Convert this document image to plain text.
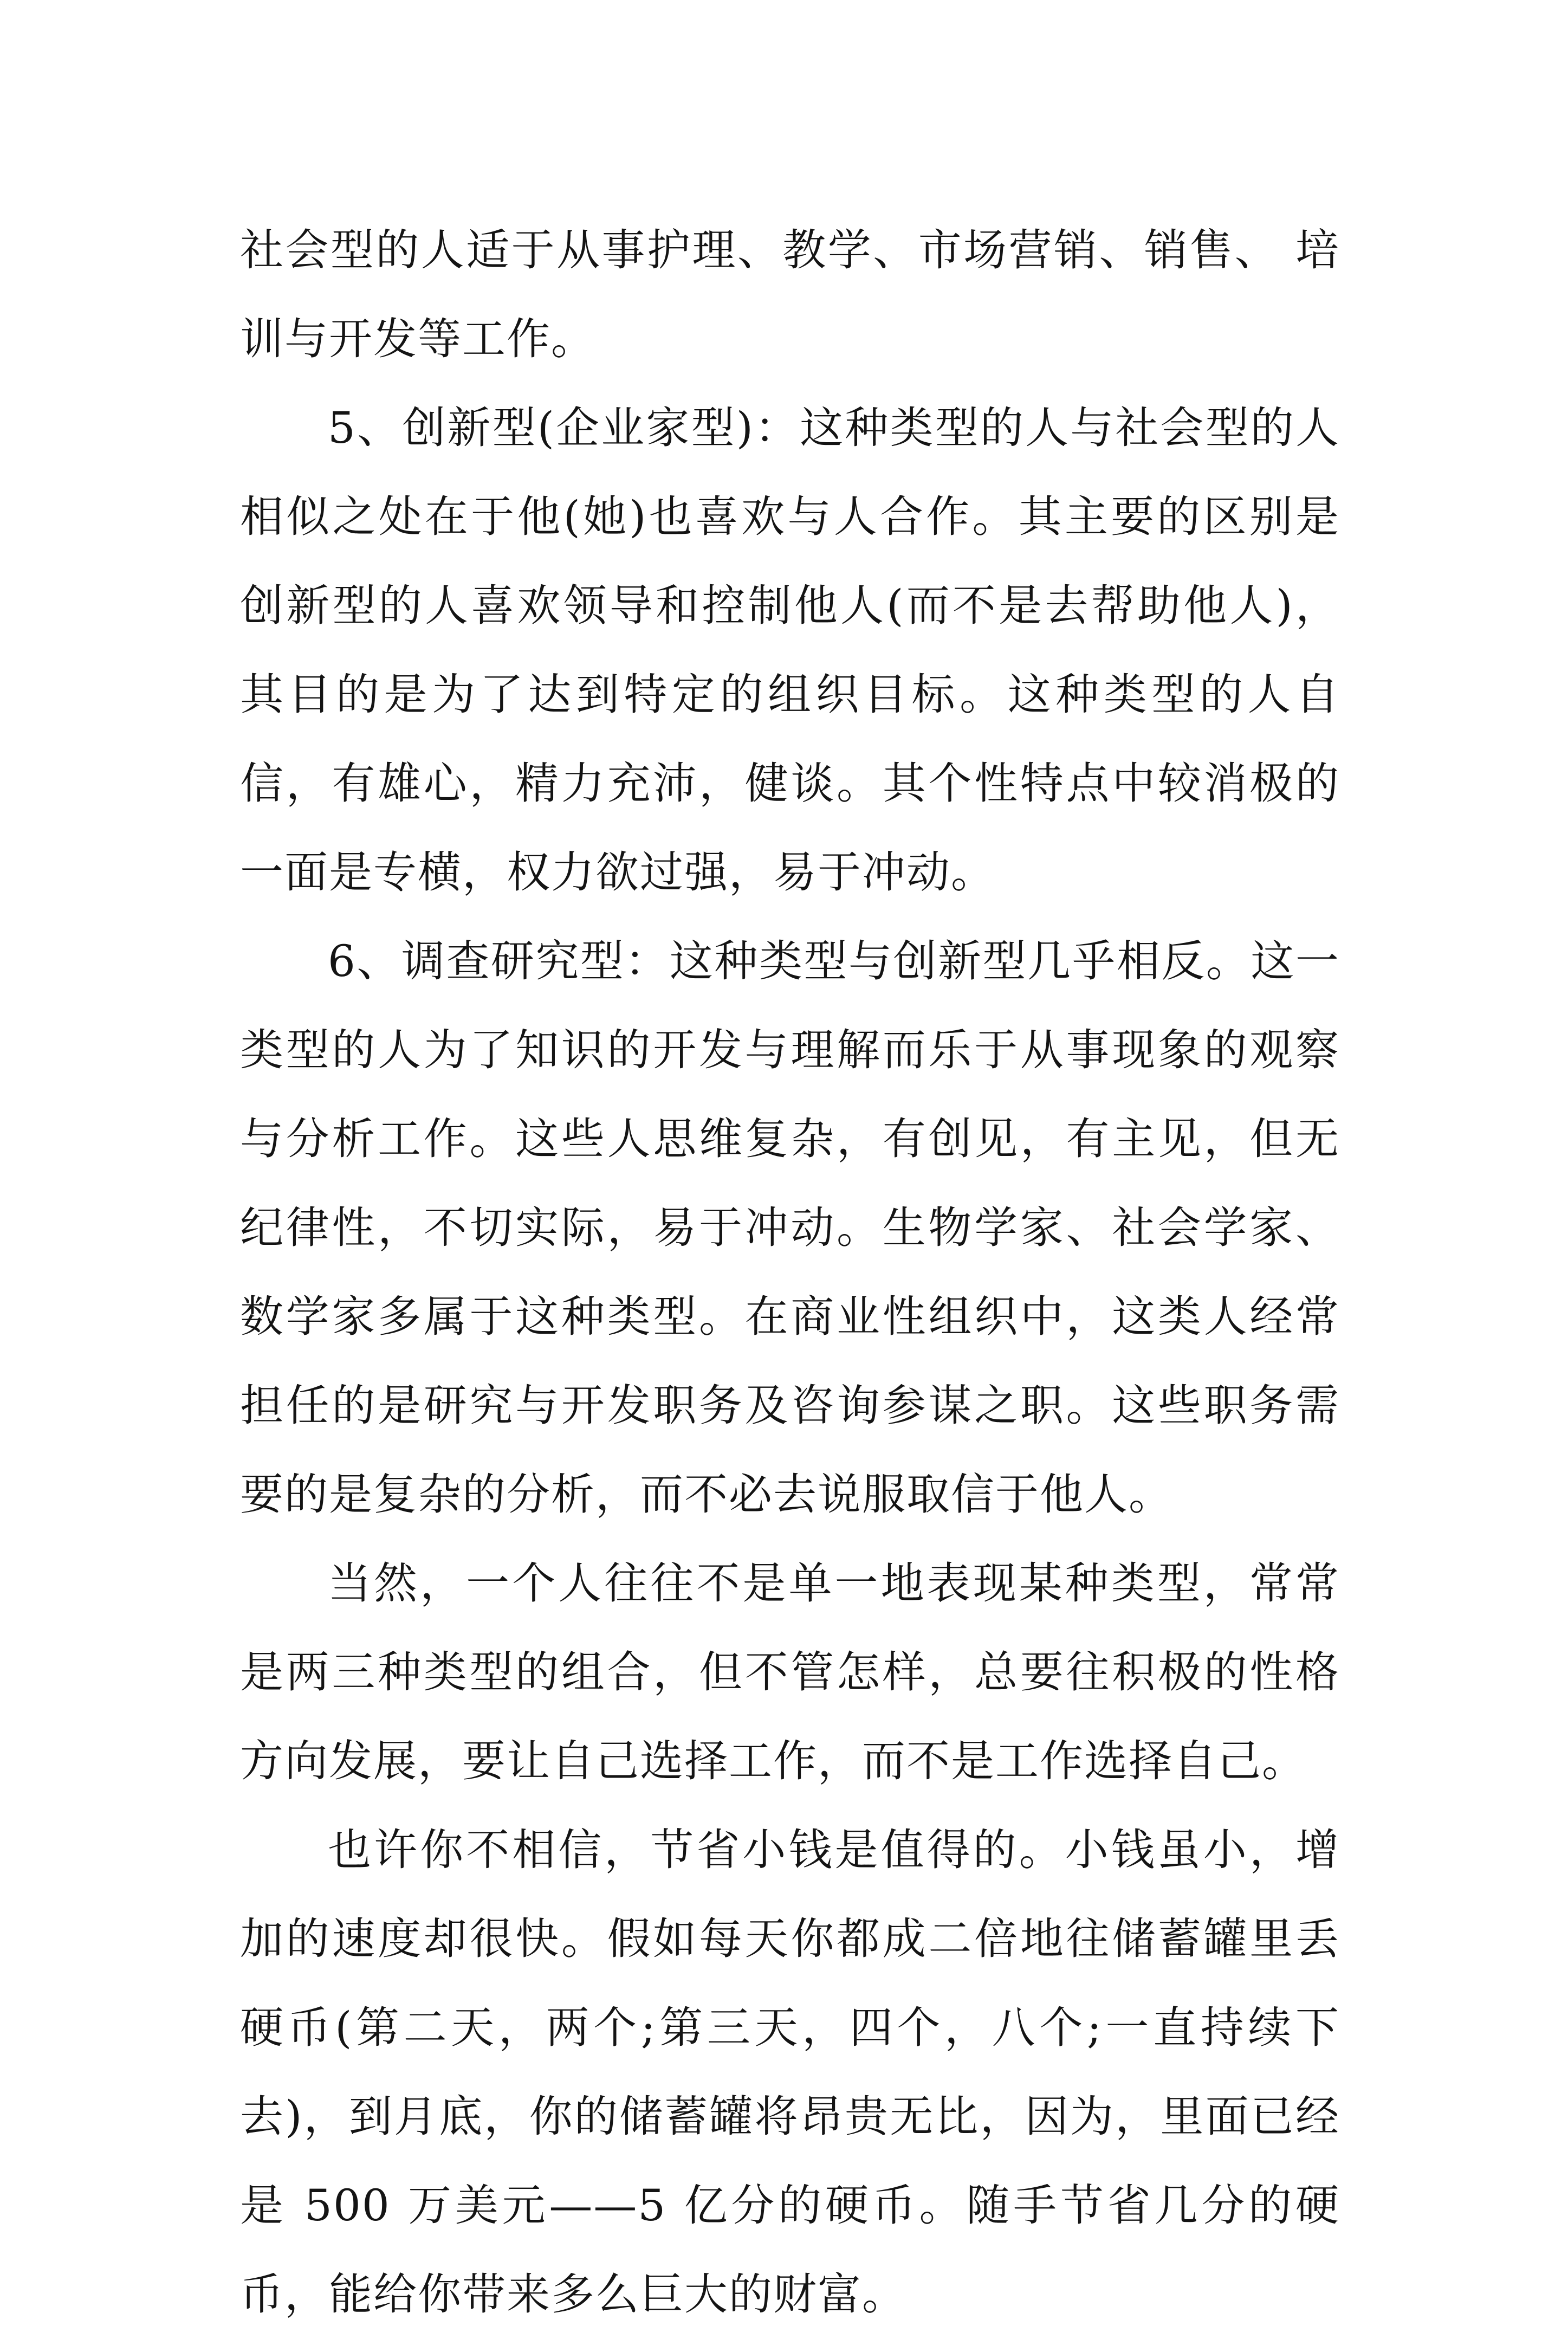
社会型的人适于从事护理、教学、市场营销、销售、 培训与开发等工作。

5、创新型(企业家型)：这种类型的人与社会型的人相似之处在于他(她)也喜欢与人合作。其主要的区别是创新型的人喜欢领导和控制他人(而不是去帮助他人)，其目的是为了达到特定的组织目标。这种类型的人自信，有雄心，精力充沛，健谈。其个性特点中较消极的一面是专横，权力欲过强，易于冲动。

6、调查研究型：这种类型与创新型几乎相反。这一类型的人为了知识的开发与理解而乐于从事现象的观察与分析工作。这些人思维复杂，有创见，有主见，但无纪律性，不切实际，易于冲动。生物学家、社会学家、数学家多属于这种类型。在商业性组织中，这类人经常担任的是研究与开发职务及咨询参谋之职。这些职务需要的是复杂的分析，而不必去说服取信于他人。

当然，一个人往往不是单一地表现某种类型，常常是两三种类型的组合，但不管怎样，总要往积极的性格方向发展，要让自己选择工作，而不是工作选择自己。

也许你不相信，节省小钱是值得的。小钱虽小，增加的速度却很快。假如每天你都成二倍地往储蓄罐里丢硬币(第二天，两个;第三天，四个，八个;一直持续下去)，到月底，你的储蓄罐将昂贵无比，因为，里面已经是 500 万美元——5 亿分的硬币。随手节省几分的硬币，能给你带来多么巨大的财富。
